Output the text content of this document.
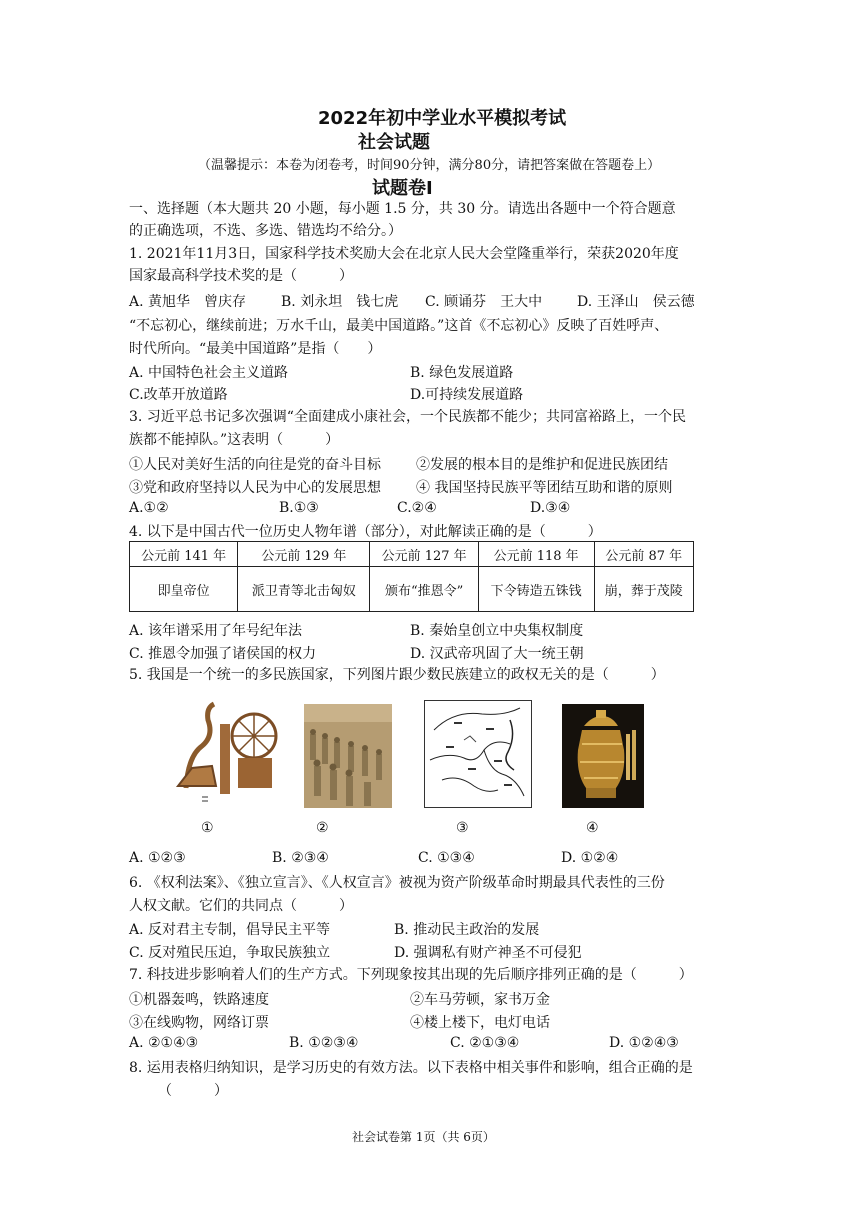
2022年初中学业水平模拟考试
社会试题
（温馨提示：本卷为闭卷考，时间90分钟，满分80分，请把答案做在答题卷上）
试题卷Ⅰ
一、选择题（本大题共 20 小题，每小题 1.5 分，共 30 分。请选出各题中一个符合题意
的正确选项，不选、多选、错选均不给分。）
1. 2021年11月3日，国家科学技术奖励大会在北京人民大会堂隆重举行，荣获2020年度
国家最高科学技术奖的是（　　　）
A. 黄旭华　曾庆存 B. 刘永坦　钱七虎 C. 顾诵芬　王大中 D. 王泽山　侯云德
“不忘初心，继续前进；万水千山，最美中国道路。”这首《不忘初心》反映了百姓呼声、
时代所向。“最美中国道路”是指（　　）
A. 中国特色社会主义道路	B. 绿色发展道路
C.改革开放道路	D.可持续发展道路
3. 习近平总书记多次强调“全面建成小康社会，一个民族都不能少；共同富裕路上，一个民
族都不能掉队。”这表明（　　　）
①人民对美好生活的向往是党的奋斗目标	②发展的根本目的是维护和促进民族团结
③党和政府坚持以人民为中心的发展思想	④ 我国坚持民族平等团结互助和谐的原则
A.①②	B.①③	C.②④	D.③④
4. 以下是中国古代一位历史人物年谱（部分），对此解读正确的是（　　　）
公元前 141 年	公元前 129 年	公元前 127 年	公元前 118 年	公元前 87 年
即皇帝位	派卫青等北击匈奴	颁布“推恩令”	下令铸造五铢钱	崩，葬于茂陵
A. 该年谱采用了年号纪年法	B. 秦始皇创立中央集权制度
C. 推恩令加强了诸侯国的权力	D. 汉武帝巩固了大一统王朝
5. 我国是一个统一的多民族国家，下列图片跟少数民族建立的政权无关的是（　　　）
①	②	③	④
A. ①②③	B. ②③④	C. ①③④	D. ①②④
6. 《权利法案》、《独立宣言》、《人权宣言》被视为资产阶级革命时期最具代表性的三份
人权文献。它们的共同点（　　　）
A. 反对君主专制，倡导民主平等	B. 推动民主政治的发展
C. 反对殖民压迫，争取民族独立	D. 强调私有财产神圣不可侵犯
7. 科技进步影响着人们的生产方式。下列现象按其出现的先后顺序排列正确的是（　　　）
①机器轰鸣，铁路速度	②车马劳顿，家书万金
③在线购物，网络订票	④楼上楼下，电灯电话
A. ②①④③	B. ①②③④	C. ②①③④	D. ①②④③
8. 运用表格归纳知识，是学习历史的有效方法。以下表格中相关事件和影响，组合正确的是
（　　　）
社会试卷第 1页（共 6页）
